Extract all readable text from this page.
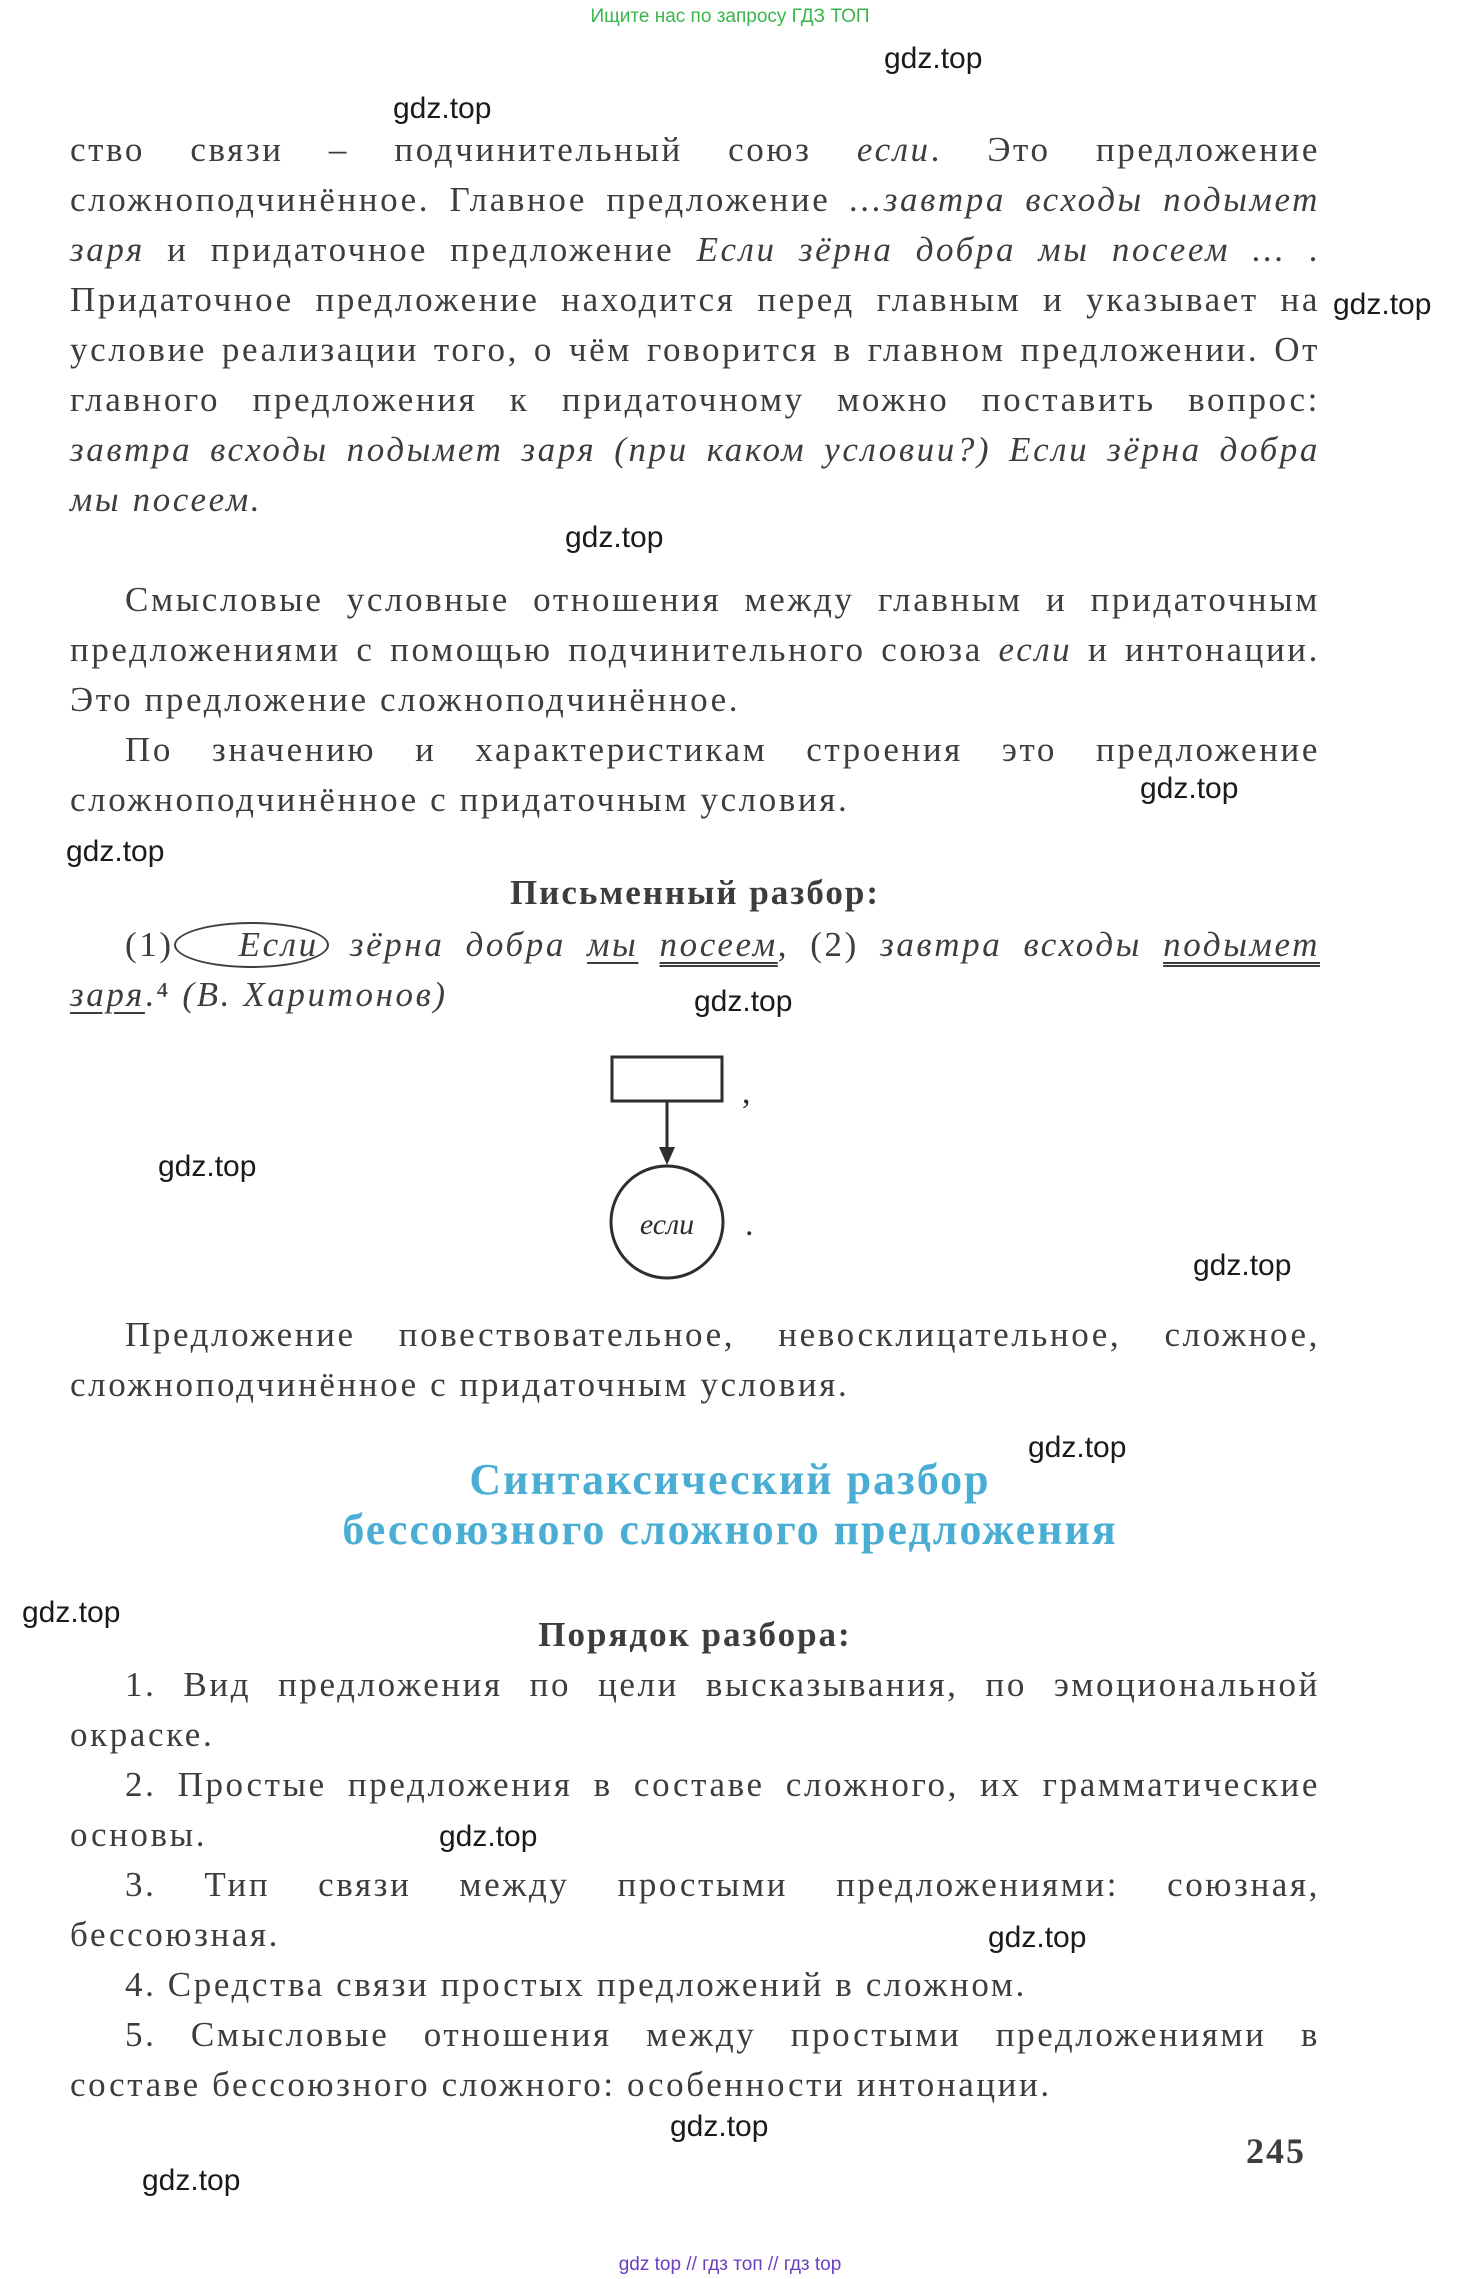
Ищите нас по запросу ГДЗ ТОП
ство связи – подчинительный союз если. Это предложение сложноподчинённое. Главное предложение ...завтра всходы подымет заря и придаточное предложение Если зёрна добра мы посеем ... . Придаточное предложение находится перед главным и указывает на условие реализации того, о чём говорится в главном предложении. От главного предложения к придаточному можно поставить вопрос: завтра всходы подымет заря (при каком условии?) Если зёрна добра мы посеем.
Смысловые условные отношения между главным и придаточным предложениями с помощью подчинительного союза если и интонации. Это предложение сложноподчинённое.
По значению и характеристикам строения это предложение сложноподчинённое с придаточным условия.
Письменный разбор:
(1) Если зёрна добра мы посеем, (2) завтра всходы подымет заря.⁴ (В. Харитонов)
,
если .
Предложение повествовательное, невосклицательное, сложное, сложноподчинённое с придаточным условия.
Синтаксический разбор
бессоюзного сложного предложения
Порядок разбора:
1. Вид предложения по цели высказывания, по эмоциональной окраске.
2. Простые предложения в составе сложного, их грамматические основы.
3. Тип связи между простыми предложениями: союзная, бессоюзная.
4. Средства связи простых предложений в сложном.
5. Смысловые отношения между простыми предложениями в составе бессоюзного сложного: особенности интонации.
245
gdz.top
gdz.top
gdz.top
gdz.top
gdz.top
gdz.top
gdz.top
gdz.top
gdz.top
gdz.top
gdz.top
gdz.top
gdz.top
gdz.top
gdz.top
gdz top // гдз топ // гдз top
